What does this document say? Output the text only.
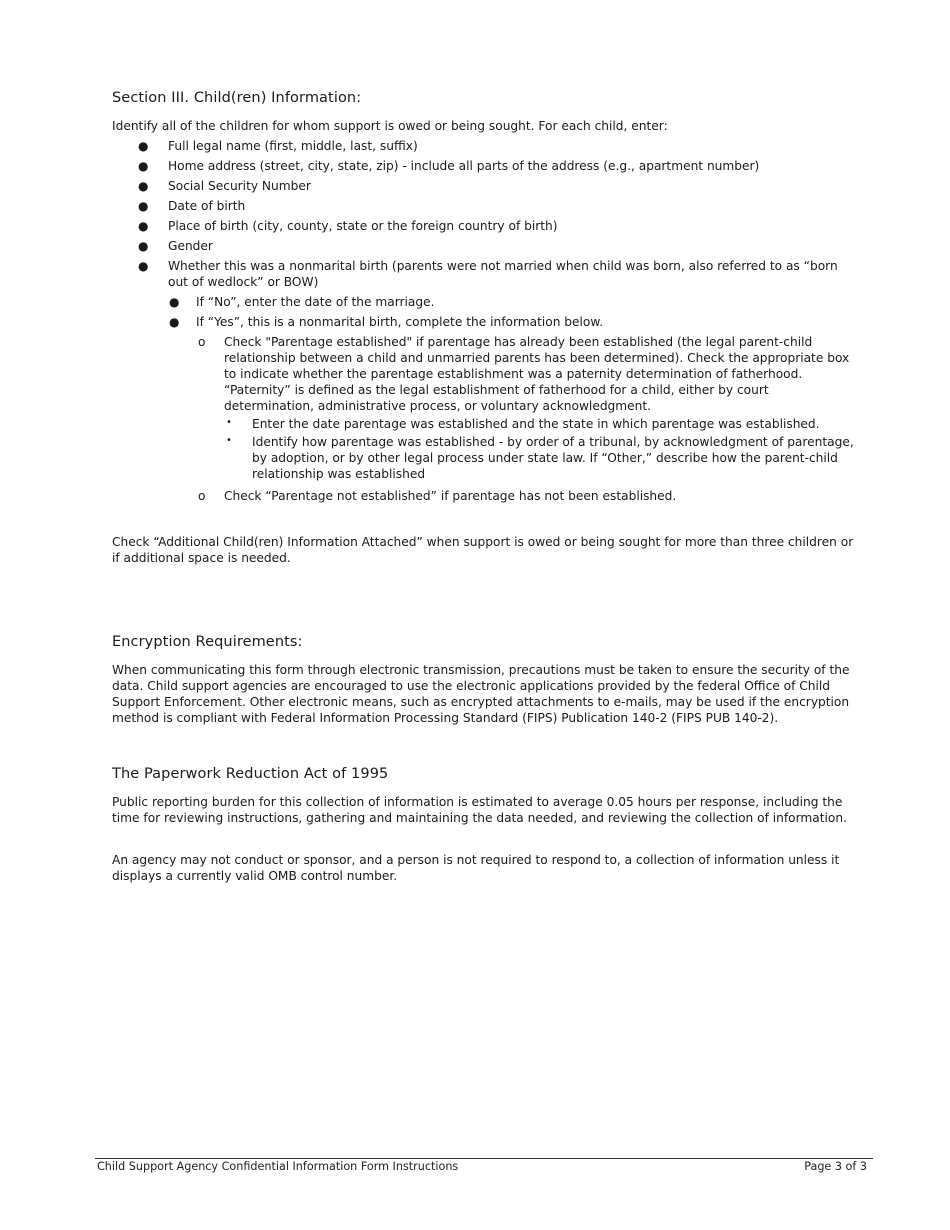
Section III. Child(ren) Information:

Identify all of the children for whom support is owed or being sought. For each child, enter:

● Full legal name (first, middle, last, suffix)
● Home address (street, city, state, zip) - include all parts of the address (e.g., apartment number)
● Social Security Number
● Date of birth
● Place of birth (city, county, state or the foreign country of birth)
● Gender
● Whether this was a nonmarital birth (parents were not married when child was born, also referred to as “born out of wedlock” or BOW)
● If “No”, enter the date of the marriage.
● If “Yes”, this is a nonmarital birth, complete the information below.
o Check "Parentage established" if parentage has already been established (the legal parent-child relationship between a child and unmarried parents has been determined). Check the appropriate box to indicate whether the parentage establishment was a paternity determination of fatherhood. “Paternity” is defined as the legal establishment of fatherhood for a child, either by court determination, administrative process, or voluntary acknowledgment.
• Enter the date parentage was established and the state in which parentage was established.
• Identify how parentage was established - by order of a tribunal, by acknowledgment of parentage, by adoption, or by other legal process under state law. If “Other,” describe how the parent-child relationship was established
o Check “Parentage not established” if parentage has not been established.

Check “Additional Child(ren) Information Attached” when support is owed or being sought for more than three children or if additional space is needed.

Encryption Requirements:

When communicating this form through electronic transmission, precautions must be taken to ensure the security of the data. Child support agencies are encouraged to use the electronic applications provided by the federal Office of Child Support Enforcement. Other electronic means, such as encrypted attachments to e-mails, may be used if the encryption method is compliant with Federal Information Processing Standard (FIPS) Publication 140-2 (FIPS PUB 140-2).

The Paperwork Reduction Act of 1995

Public reporting burden for this collection of information is estimated to average 0.05 hours per response, including the time for reviewing instructions, gathering and maintaining the data needed, and reviewing the collection of information.

An agency may not conduct or sponsor, and a person is not required to respond to, a collection of information unless it displays a currently valid OMB control number.

Child Support Agency Confidential Information Form Instructions	Page 3 of 3
